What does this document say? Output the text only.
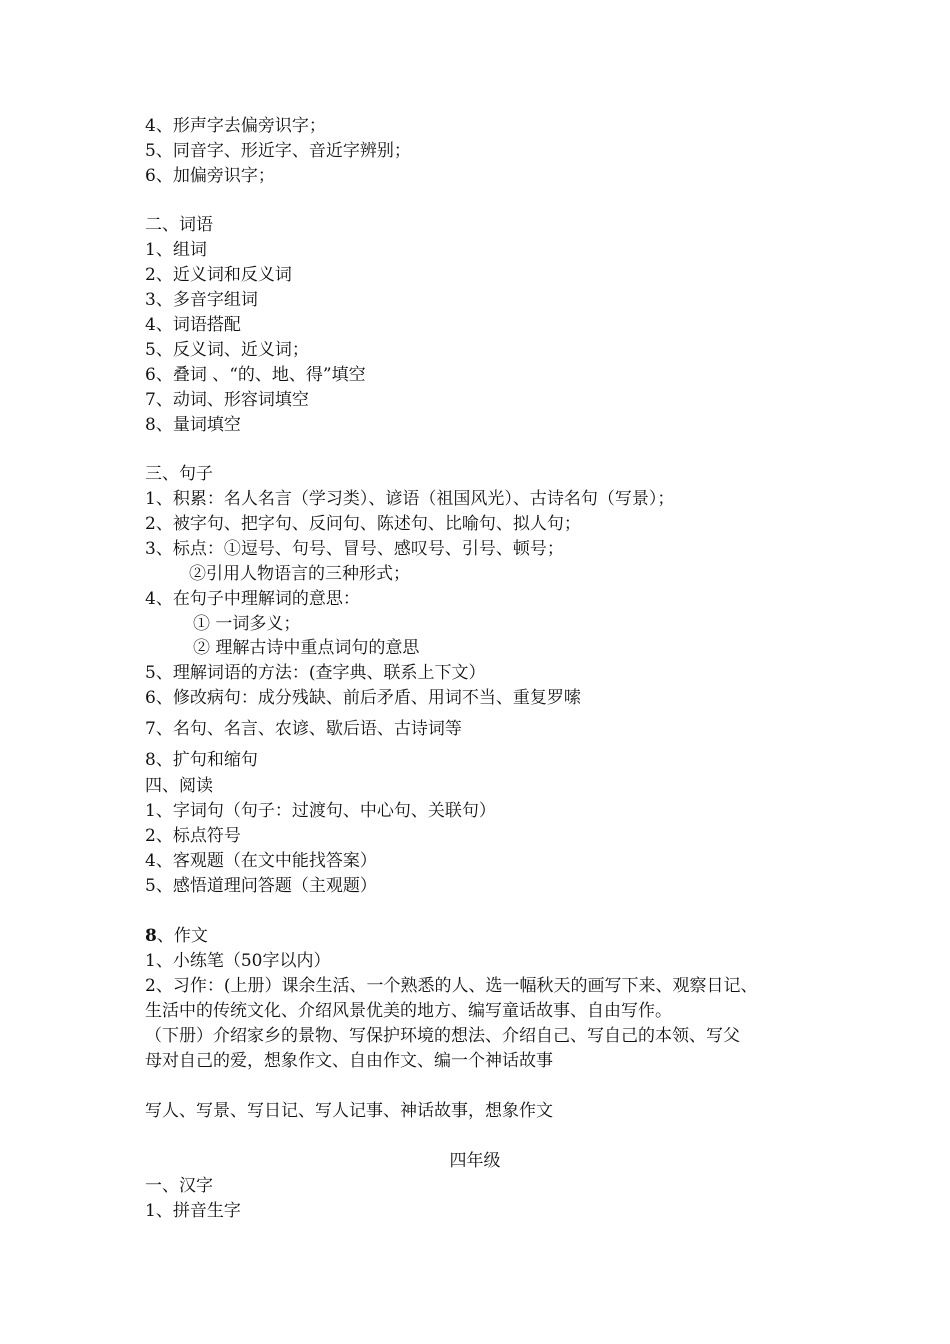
4、形声字去偏旁识字；
5、同音字、形近字、音近字辨别；
6、加偏旁识字；
二、词语
1、组词
2、近义词和反义词
3、多音字组词
4、词语搭配
5、反义词、近义词；
6、叠词 、“的、地、得”填空
7、动词、形容词填空
8、量词填空
三、句子
1、积累：名人名言（学习类）、谚语（祖国风光）、古诗名句（写景）；
2、被字句、把字句、反问句、陈述句、比喻句、拟人句；
3、标点：①逗号、句号、冒号、感叹号、引号、顿号；
②引用人物语言的三种形式；
4、在句子中理解词的意思：
① 一词多义；
② 理解古诗中重点词句的意思
5、理解词语的方法：(查字典、联系上下文）
6、修改病句：成分残缺、前后矛盾、用词不当、重复罗嗦
7、名句、名言、农谚、歇后语、古诗词等
8、扩句和缩句
四、阅读
1、字词句（句子：过渡句、中心句、关联句）
2、标点符号
4、客观题（在文中能找答案）
5、感悟道理问答题（主观题）
8、作文
1、小练笔（50字以内）
2、习作：(上册）课余生活、一个熟悉的人、选一幅秋天的画写下来、观察日记、
生活中的传统文化、介绍风景优美的地方、编写童话故事、自由写作。
（下册）介绍家乡的景物、写保护环境的想法、介绍自己、写自己的本领、写父
母对自己的爱，想象作文、自由作文、编一个神话故事
写人、写景、写日记、写人记事、神话故事，想象作文
四年级
一、汉字
1、拼音生字
